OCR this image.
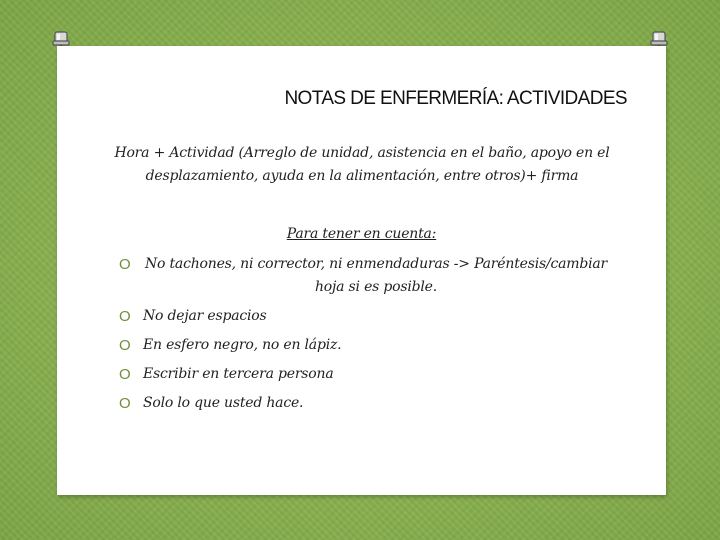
NOTAS DE ENFERMERÍA: ACTIVIDADES
Hora + Actividad (Arreglo de unidad, asistencia en el baño, apoyo en el desplazamiento, ayuda en la alimentación, entre otros)+ firma
Para tener en cuenta:
O No tachones, ni corrector, ni enmendaduras -> Paréntesis/cambiar hoja si es posible.
O No dejar espacios
O En esfero negro, no en lápiz.
O Escribir en tercera persona
O Solo lo que usted hace.
